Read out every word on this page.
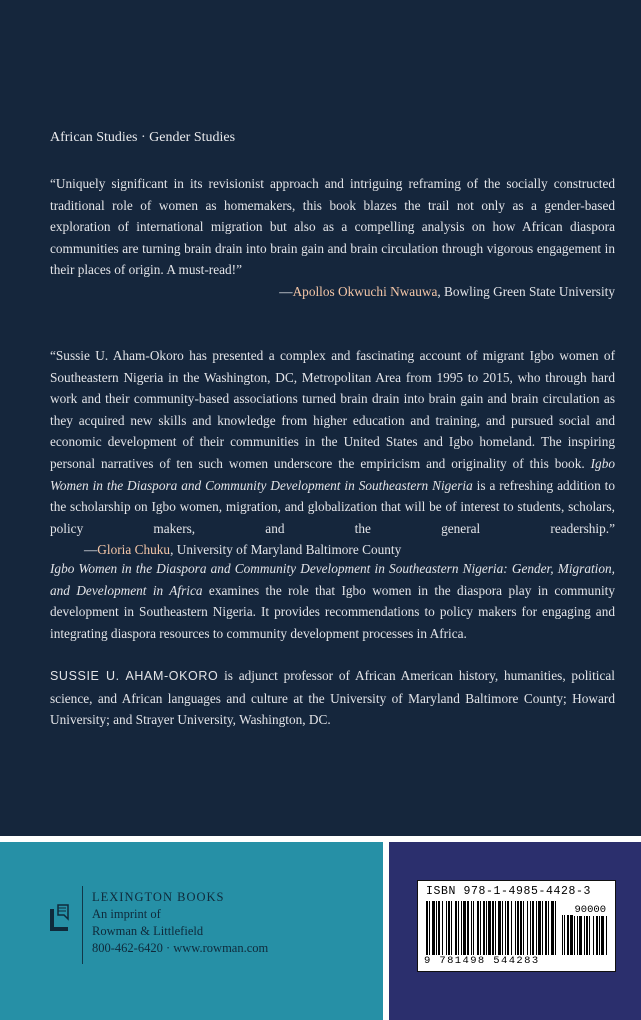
African Studies · Gender Studies

“Uniquely significant in its revisionist approach and intriguing reframing of the socially constructed traditional role of women as homemakers, this book blazes the trail not only as a gender-based exploration of international migration but also as a compelling analysis on how African diaspora communities are turning brain drain into brain gain and brain circulation through vigorous engagement in their places of origin. A must-read!”

—Apollos Okwuchi Nwauwa, Bowling Green State University

“Sussie U. Aham-Okoro has presented a complex and fascinating account of migrant Igbo women of Southeastern Nigeria in the Washington, DC, Metropolitan Area from 1995 to 2015, who through hard work and their community-based associations turned brain drain into brain gain and brain circulation as they acquired new skills and knowledge from higher education and training, and pursued social and economic development of their communities in the United States and Igbo homeland. The inspiring personal narratives of ten such women underscore the empiricism and originality of this book. Igbo Women in the Diaspora and Community Development in Southeastern Nigeria is a refreshing addition to the scholarship on Igbo women, migration, and globalization that will be of interest to students, scholars, policy makers, and the general readership.”—Gloria Chuku, University of Maryland Baltimore County

Igbo Women in the Diaspora and Community Development in Southeastern Nigeria: Gender, Migration, and Development in Africa examines the role that Igbo women in the diaspora play in community development in Southeastern Nigeria. It provides recommendations to policy makers for engaging and integrating diaspora resources to community development processes in Africa.

SUSSIE U. AHAM-OKORO is adjunct professor of African American history, humanities, political science, and African languages and culture at the University of Maryland Baltimore County; Howard University; and Strayer University, Washington, DC.

LEXINGTON BOOKS
An imprint of
Rowman & Littlefield
800-462-6420 · www.rowman.com
ISBN 978-1-4985-4428-3
90000
9 781498 544283
